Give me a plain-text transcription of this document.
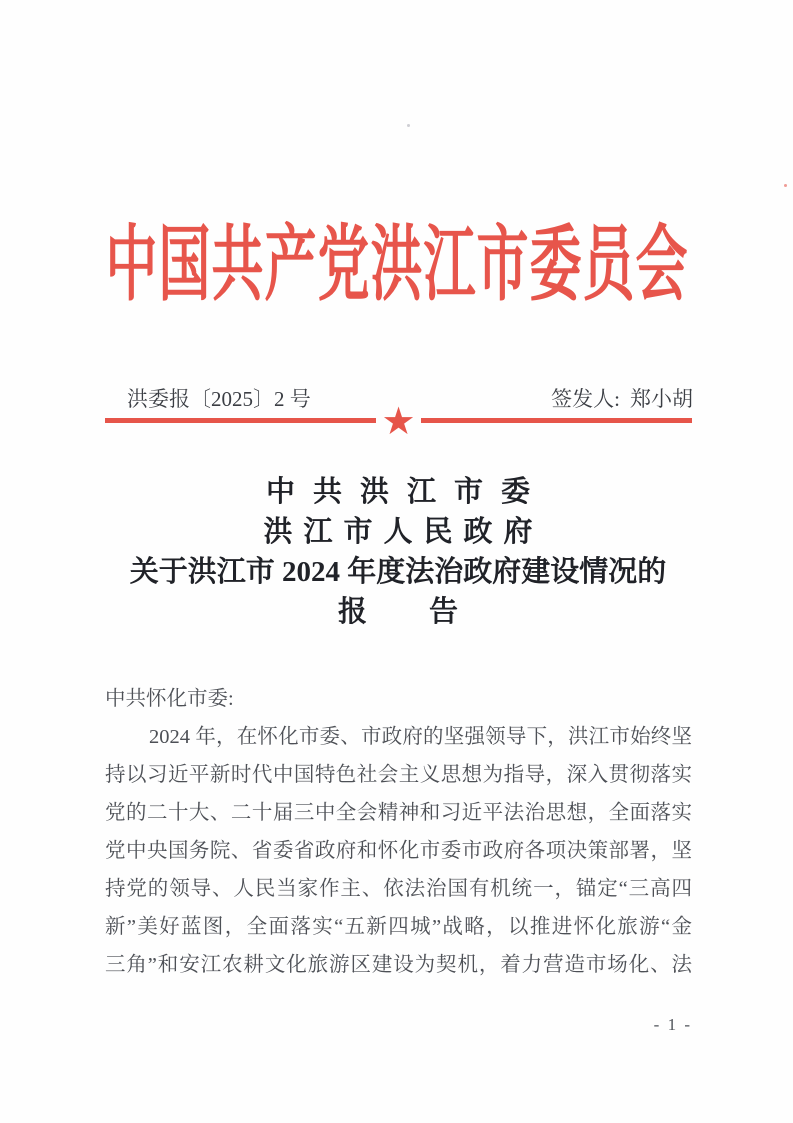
中国共产党洪江市委员会
洪委报〔2025〕2 号	签发人: 郑小胡
★
中共洪江市委
洪江市人民政府
关于洪江市 2024 年度法治政府建设情况的
报告
中共怀化市委:
2024 年，在怀化市委、市政府的坚强领导下，洪江市始终坚
持以习近平新时代中国特色社会主义思想为指导，深入贯彻落实
党的二十大、二十届三中全会精神和习近平法治思想，全面落实
党中央国务院、省委省政府和怀化市委市政府各项决策部署，坚
持党的领导、人民当家作主、依法治国有机统一，锚定“三高四
新”美好蓝图，全面落实“五新四城”战略，以推进怀化旅游“金
三角”和安江农耕文化旅游区建设为契机，着力营造市场化、法
- 1 -
